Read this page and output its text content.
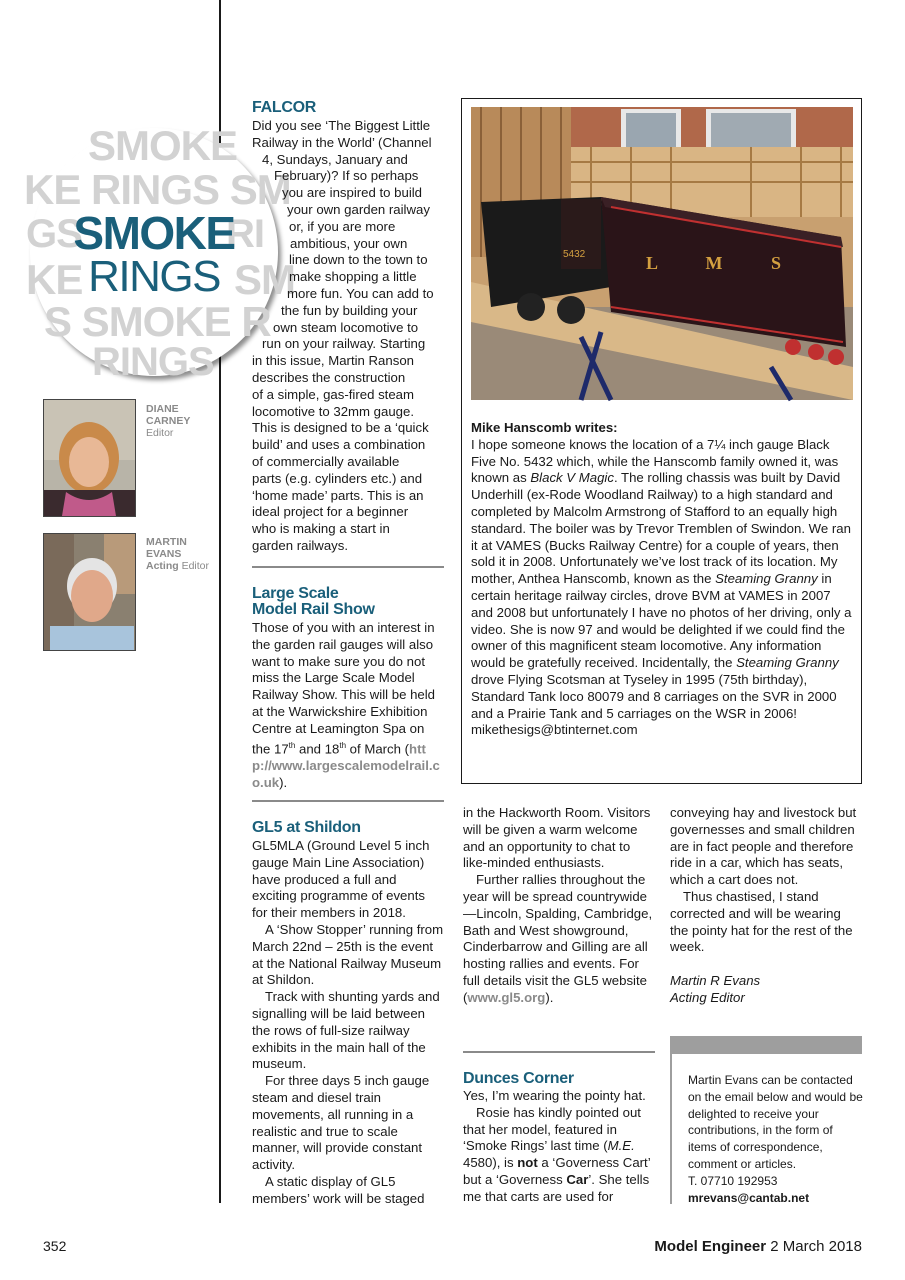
SMOKE
KE RINGS SM
GS	RI
SMOKE
KE RINGS SM
S SMOKE R
RINGS
DIANE
CARNEY
Editor
MARTIN
EVANS
Acting Editor
FALCOR
Did you see ‘The Biggest Little
Railway in the World’ (Channel
4, Sundays, January and
February)? If so perhaps
you are inspired to build
your own garden railway
or, if you are more
ambitious, your own
line down to the town to
make shopping a little
more fun. You can add to
the fun by building your
own steam locomotive to
run on your railway. Starting
in this issue, Martin Ranson
describes the construction
of a simple, gas-fired steam
locomotive to 32mm gauge.
This is designed to be a ‘quick
build’ and uses a combination
of commercially available
parts (e.g. cylinders etc.) and
‘home made’ parts. This is an
ideal project for a beginner
who is making a start in
garden railways.
Large Scale
Model Rail Show
Those of you with an interest in the garden rail gauges will also want to make sure you do not miss the Large Scale Model Railway Show. This will be held at the Warwickshire Exhibition Centre at Leamington Spa on the 17th and 18th of March (http://www.largescalemodelrail.co.uk).
GL5 at Shildon

GL5MLA (Ground Level 5 inch gauge Main Line Association) have produced a full and exciting programme of events for their members in 2018.

A ‘Show Stopper’ running from March 22nd – 25th is the event at the National Railway Museum at Shildon.

Track with shunting yards and signalling will be laid between the rows of full-size railway exhibits in the main hall of the museum.

For three days 5 inch gauge steam and diesel train movements, all running in a realistic and true to scale manner, will provide constant activity.

A static display of GL5 members’ work will be staged

in the Hackworth Room. Visitors will be given a warm welcome and an opportunity to chat to like-minded enthusiasts.

Further rallies throughout the year will be spread countrywide—Lincoln, Spalding, Cambridge, Bath and West showground, Cinderbarrow and Gilling are all hosting rallies and events. For full details visit the GL5 website (www.gl5.org).

Dunces Corner

Yes, I’m wearing the pointy hat.

Rosie has kindly pointed out that her model, featured in ‘Smoke Rings’ last time (M.E. 4580), is not a ‘Governess Cart’ but a ‘Governess Car’. She tells me that carts are used for

conveying hay and livestock but governesses and small children are in fact people and therefore ride in a car, which has seats, which a cart does not.

Thus chastised, I stand corrected and will be wearing the pointy hat for the rest of the week.

Martin R Evans

Acting Editor

L M S
5432

Mike Hanscomb writes:

I hope someone knows the location of a 7¼ inch gauge Black Five No. 5432 which, while the Hanscomb family owned it, was known as Black V Magic. The rolling chassis was built by David Underhill (ex-Rode Woodland Railway) to a high standard and completed by Malcolm Armstrong of Stafford to an equally high standard. The boiler was by Trevor Tremblen of Swindon. We ran it at VAMES (Bucks Railway Centre) for a couple of years, then sold it in 2008. Unfortunately we’ve lost track of its location. My mother, Anthea Hanscomb, known as the Steaming Granny in certain heritage railway circles, drove BVM at VAMES in 2007 and 2008 but unfortunately I have no photos of her driving, only a video. She is now 97 and would be delighted if we could find the owner of this magnificent steam locomotive. Any information would be gratefully received. Incidentally, the Steaming Granny drove Flying Scotsman at Tyseley in 1995 (75th birthday), Standard Tank loco 80079 and 8 carriages on the SVR in 2000 and a Prairie Tank and 5 carriages on the WSR in 2006!

mikethesigs@btinternet.com

Martin Evans can be contacted on the email below and would be delighted to receive your contributions, in the form of items of correspondence, comment or articles.
T. 07710 192953
mrevans@cantab.net
352	Model Engineer 2 March 2018
